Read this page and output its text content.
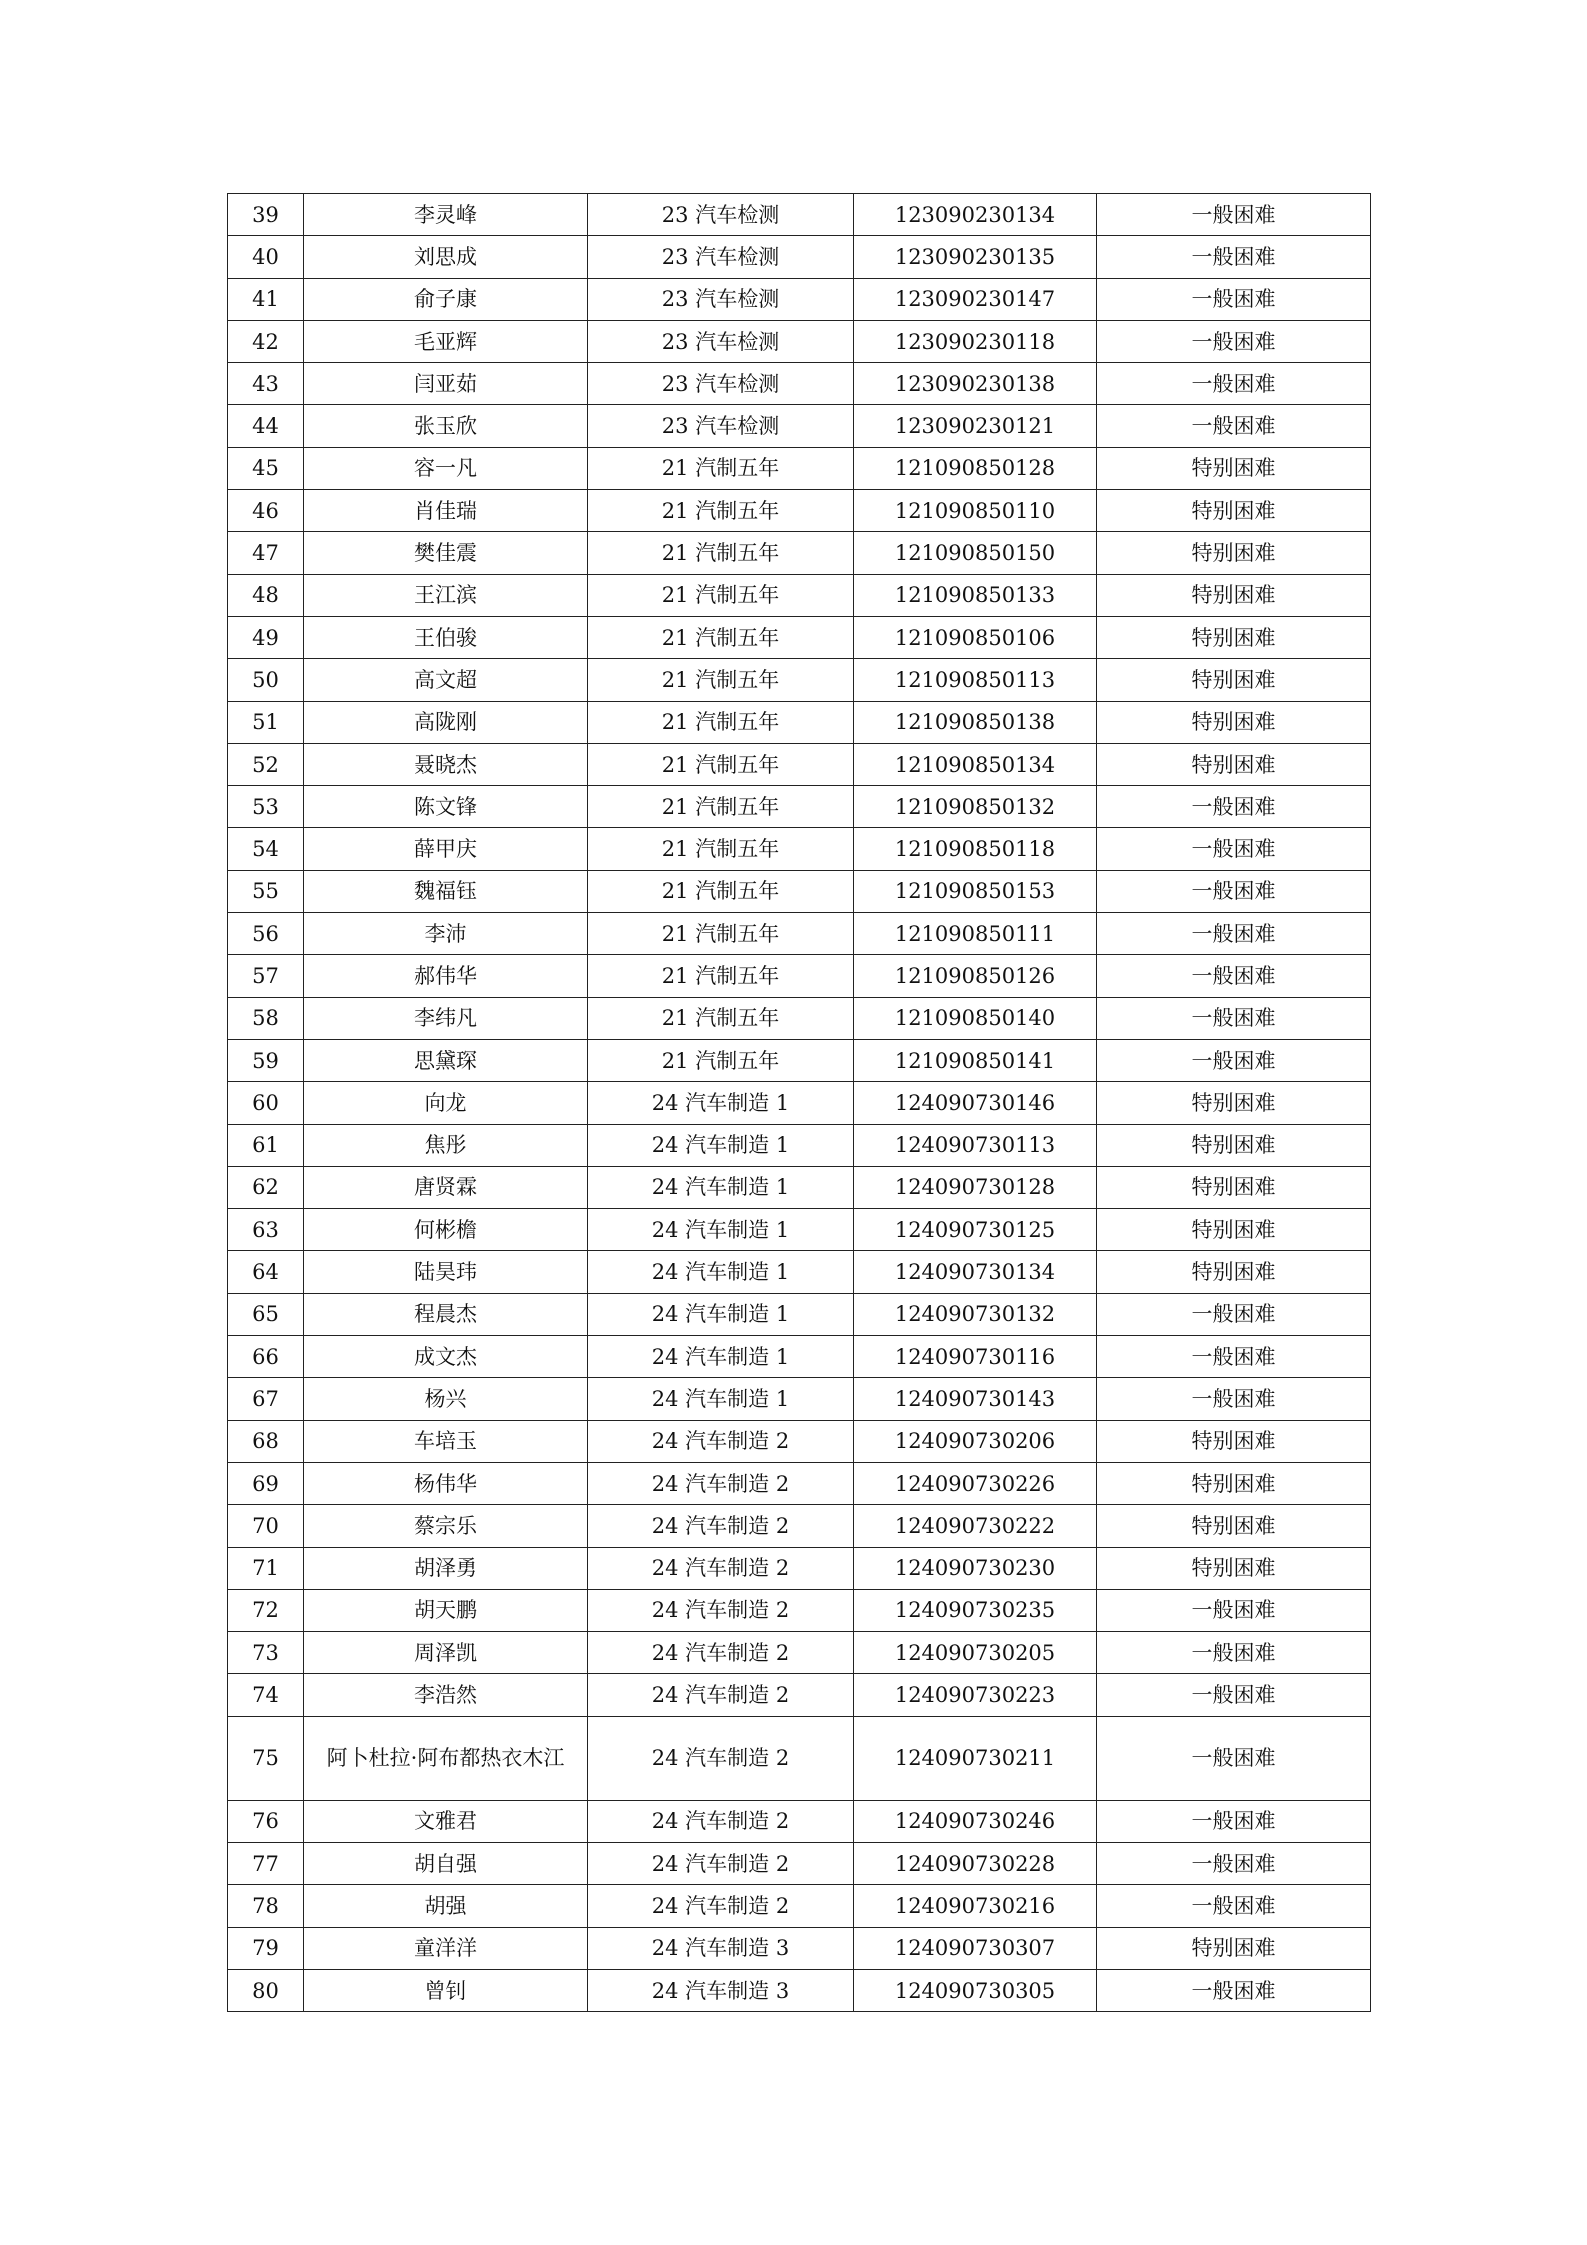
39	李灵峰	23 汽车检测	123090230134	一般困难
40	刘思成	23 汽车检测	123090230135	一般困难
41	俞子康	23 汽车检测	123090230147	一般困难
42	毛亚辉	23 汽车检测	123090230118	一般困难
43	闫亚茹	23 汽车检测	123090230138	一般困难
44	张玉欣	23 汽车检测	123090230121	一般困难
45	容一凡	21 汽制五年	121090850128	特别困难
46	肖佳瑞	21 汽制五年	121090850110	特别困难
47	樊佳震	21 汽制五年	121090850150	特别困难
48	王江滨	21 汽制五年	121090850133	特别困难
49	王伯骏	21 汽制五年	121090850106	特别困难
50	高文超	21 汽制五年	121090850113	特别困难
51	高陇刚	21 汽制五年	121090850138	特别困难
52	聂晓杰	21 汽制五年	121090850134	特别困难
53	陈文锋	21 汽制五年	121090850132	一般困难
54	薛甲庆	21 汽制五年	121090850118	一般困难
55	魏福钰	21 汽制五年	121090850153	一般困难
56	李沛	21 汽制五年	121090850111	一般困难
57	郝伟华	21 汽制五年	121090850126	一般困难
58	李纬凡	21 汽制五年	121090850140	一般困难
59	思黛琛	21 汽制五年	121090850141	一般困难
60	向龙	24 汽车制造 1	124090730146	特别困难
61	焦彤	24 汽车制造 1	124090730113	特别困难
62	唐贤霖	24 汽车制造 1	124090730128	特别困难
63	何彬檐	24 汽车制造 1	124090730125	特别困难
64	陆昊玮	24 汽车制造 1	124090730134	特别困难
65	程晨杰	24 汽车制造 1	124090730132	一般困难
66	成文杰	24 汽车制造 1	124090730116	一般困难
67	杨兴	24 汽车制造 1	124090730143	一般困难
68	车培玉	24 汽车制造 2	124090730206	特别困难
69	杨伟华	24 汽车制造 2	124090730226	特别困难
70	蔡宗乐	24 汽车制造 2	124090730222	特别困难
71	胡泽勇	24 汽车制造 2	124090730230	特别困难
72	胡天鹏	24 汽车制造 2	124090730235	一般困难
73	周泽凯	24 汽车制造 2	124090730205	一般困难
74	李浩然	24 汽车制造 2	124090730223	一般困难
75	阿卜杜拉·阿布都热衣木江	24 汽车制造 2	124090730211	一般困难
76	文雅君	24 汽车制造 2	124090730246	一般困难
77	胡自强	24 汽车制造 2	124090730228	一般困难
78	胡强	24 汽车制造 2	124090730216	一般困难
79	童洋洋	24 汽车制造 3	124090730307	特别困难
80	曾钊	24 汽车制造 3	124090730305	一般困难
